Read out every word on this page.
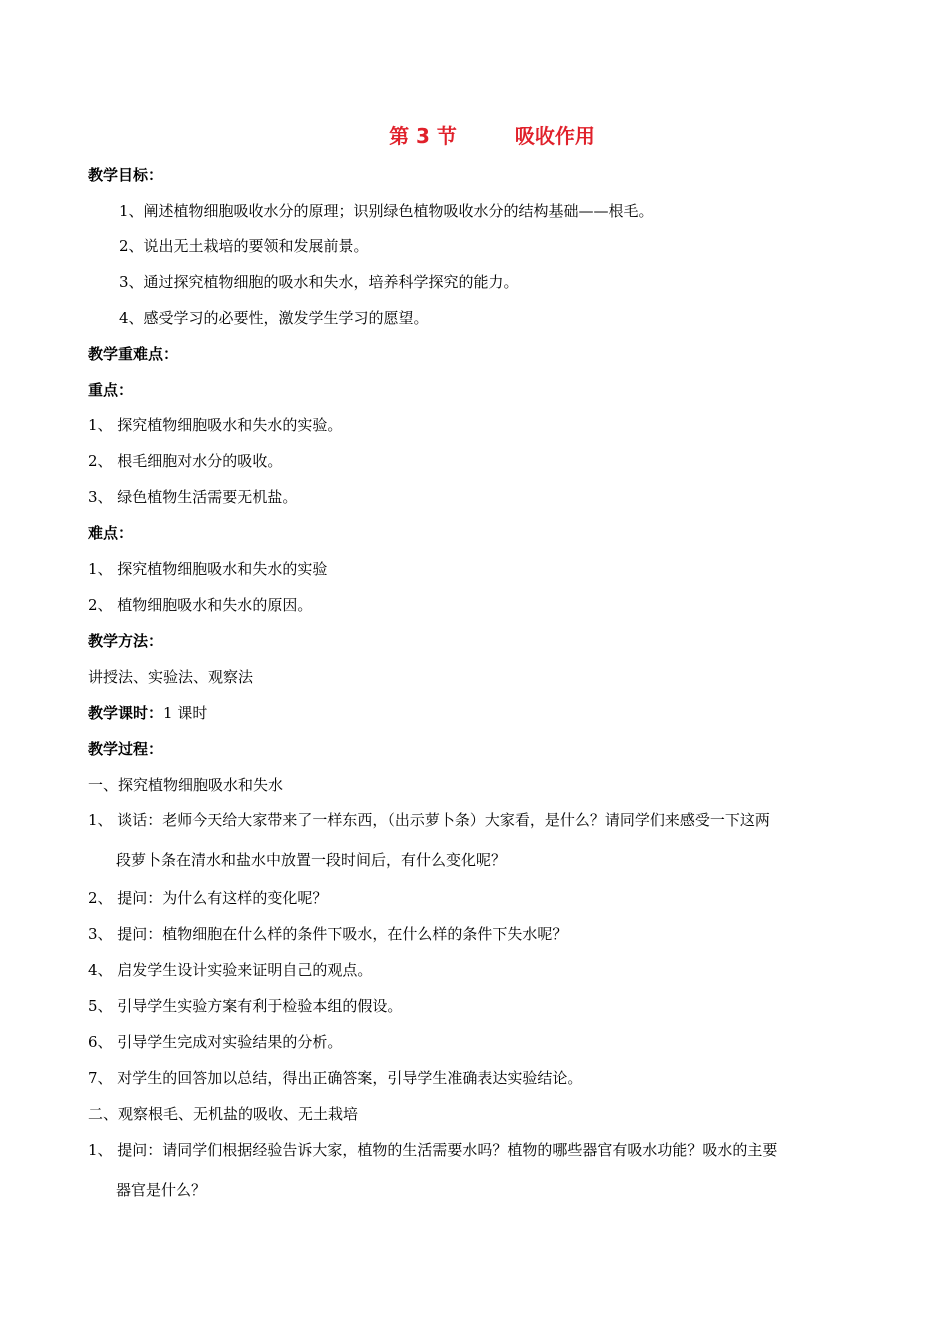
第 3 节	吸收作用
教学目标：
1、阐述植物细胞吸收水分的原理；识别绿色植物吸收水分的结构基础——根毛。
2、说出无土栽培的要领和发展前景。
3、通过探究植物细胞的吸水和失水，培养科学探究的能力。
4、感受学习的必要性，激发学生学习的愿望。
教学重难点：
重点：
1、 探究植物细胞吸水和失水的实验。
2、 根毛细胞对水分的吸收。
3、 绿色植物生活需要无机盐。
难点：
1、 探究植物细胞吸水和失水的实验
2、 植物细胞吸水和失水的原因。
教学方法：
讲授法、实验法、观察法
教学课时：1 课时
教学过程：
一、探究植物细胞吸水和失水
1、 谈话：老师今天给大家带来了一样东西，（出示萝卜条）大家看，是什么？请同学们来感受一下这两
段萝卜条在清水和盐水中放置一段时间后，有什么变化呢？
2、 提问：为什么有这样的变化呢？
3、 提问：植物细胞在什么样的条件下吸水，在什么样的条件下失水呢？
4、 启发学生设计实验来证明自己的观点。
5、 引导学生实验方案有利于检验本组的假设。
6、 引导学生完成对实验结果的分析。
7、 对学生的回答加以总结，得出正确答案，引导学生准确表达实验结论。
二、观察根毛、无机盐的吸收、无土栽培
1、 提问：请同学们根据经验告诉大家，植物的生活需要水吗？植物的哪些器官有吸水功能？吸水的主要
器官是什么？
